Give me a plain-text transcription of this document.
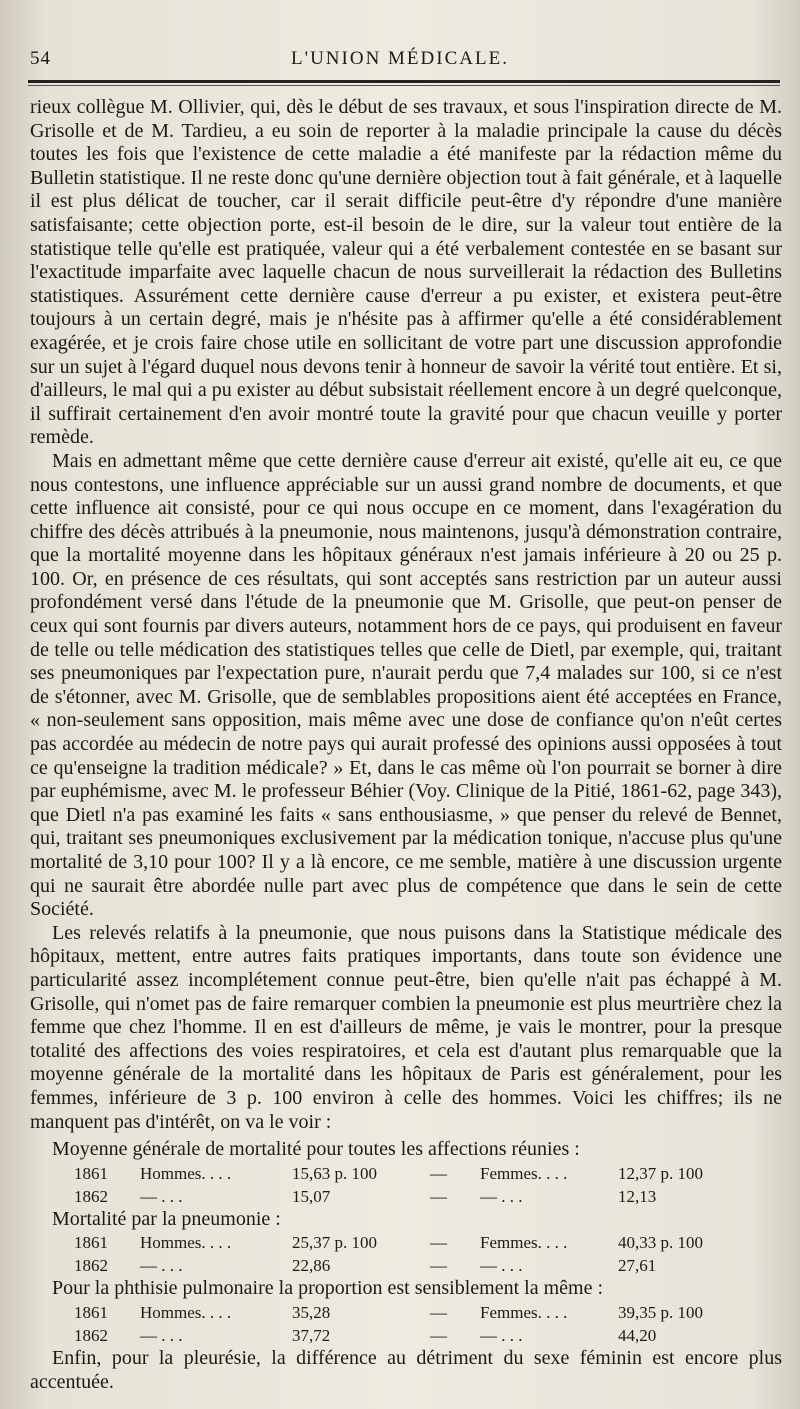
54	L'UNION MÉDICALE.

rieux collègue M. Ollivier, qui, dès le début de ses travaux, et sous l'inspiration directe de M. Grisolle et de M. Tardieu, a eu soin de reporter à la maladie principale la cause du décès toutes les fois que l'existence de cette maladie a été manifeste par la rédaction même du Bulletin statistique. Il ne reste donc qu'une dernière objection tout à fait générale, et à laquelle il est plus délicat de toucher, car il serait difficile peut-être d'y répondre d'une manière satisfaisante; cette objection porte, est-il besoin de le dire, sur la valeur tout entière de la statistique telle qu'elle est pratiquée, valeur qui a été verbalement contestée en se basant sur l'exactitude imparfaite avec laquelle chacun de nous surveillerait la rédaction des Bulletins statistiques. Assurément cette dernière cause d'erreur a pu exister, et existera peut-être toujours à un certain degré, mais je n'hésite pas à affirmer qu'elle a été considérablement exagérée, et je crois faire chose utile en sollicitant de votre part une discussion approfondie sur un sujet à l'égard duquel nous devons tenir à honneur de savoir la vérité tout entière. Et si, d'ailleurs, le mal qui a pu exister au début subsistait réellement encore à un degré quelconque, il suffirait certainement d'en avoir montré toute la gravité pour que chacun veuille y porter remède.

Mais en admettant même que cette dernière cause d'erreur ait existé, qu'elle ait eu, ce que nous contestons, une influence appréciable sur un aussi grand nombre de documents, et que cette influence ait consisté, pour ce qui nous occupe en ce moment, dans l'exagération du chiffre des décès attribués à la pneumonie, nous maintenons, jusqu'à démonstration contraire, que la mortalité moyenne dans les hôpitaux généraux n'est jamais inférieure à 20 ou 25 p. 100. Or, en présence de ces résultats, qui sont acceptés sans restriction par un auteur aussi profondément versé dans l'étude de la pneumonie que M. Grisolle, que peut-on penser de ceux qui sont fournis par divers auteurs, notamment hors de ce pays, qui produisent en faveur de telle ou telle médication des statistiques telles que celle de Dietl, par exemple, qui, traitant ses pneumoniques par l'expectation pure, n'aurait perdu que 7,4 malades sur 100, si ce n'est de s'étonner, avec M. Grisolle, que de semblables propositions aient été acceptées en France, « non-seulement sans opposition, mais même avec une dose de confiance qu'on n'eût certes pas accordée au médecin de notre pays qui aurait professé des opinions aussi opposées à tout ce qu'enseigne la tradition médicale? » Et, dans le cas même où l'on pourrait se borner à dire par euphémisme, avec M. le professeur Béhier (Voy. Clinique de la Pitié, 1861-62, page 343), que Dietl n'a pas examiné les faits « sans enthousiasme, » que penser du relevé de Bennet, qui, traitant ses pneumoniques exclusivement par la médication tonique, n'accuse plus qu'une mortalité de 3,10 pour 100? Il y a là encore, ce me semble, matière à une discussion urgente qui ne saurait être abordée nulle part avec plus de compétence que dans le sein de cette Société.

Les relevés relatifs à la pneumonie, que nous puisons dans la Statistique médicale des hôpitaux, mettent, entre autres faits pratiques importants, dans toute son évidence une particularité assez incomplétement connue peut-être, bien qu'elle n'ait pas échappé à M. Grisolle, qui n'omet pas de faire remarquer combien la pneumonie est plus meurtrière chez la femme que chez l'homme. Il en est d'ailleurs de même, je vais le montrer, pour la presque totalité des affections des voies respiratoires, et cela est d'autant plus remarquable que la moyenne générale de la mortalité dans les hôpitaux de Paris est généralement, pour les femmes, inférieure de 3 p. 100 environ à celle des hommes. Voici les chiffres; ils ne manquent pas d'intérêt, on va le voir :

Moyenne générale de mortalité pour toutes les affections réunies :

1861 Hommes. . . .	15,63 p. 100	— Femmes. . . .	12,37 p. 100
1862 — . . .	15,07	— — . . .	12,13

Mortalité par la pneumonie :

1861 Hommes. . . .	25,37 p. 100	— Femmes. . . .	40,33 p. 100
1862 — . . .	22,86	— — . . .	27,61

Pour la phthisie pulmonaire la proportion est sensiblement la même :

1861 Hommes. . . .	35,28	— Femmes. . . .	39,35 p. 100
1862 — . . .	37,72	— — . . .	44,20

Enfin, pour la pleurésie, la différence au détriment du sexe féminin est encore plus accentuée.
